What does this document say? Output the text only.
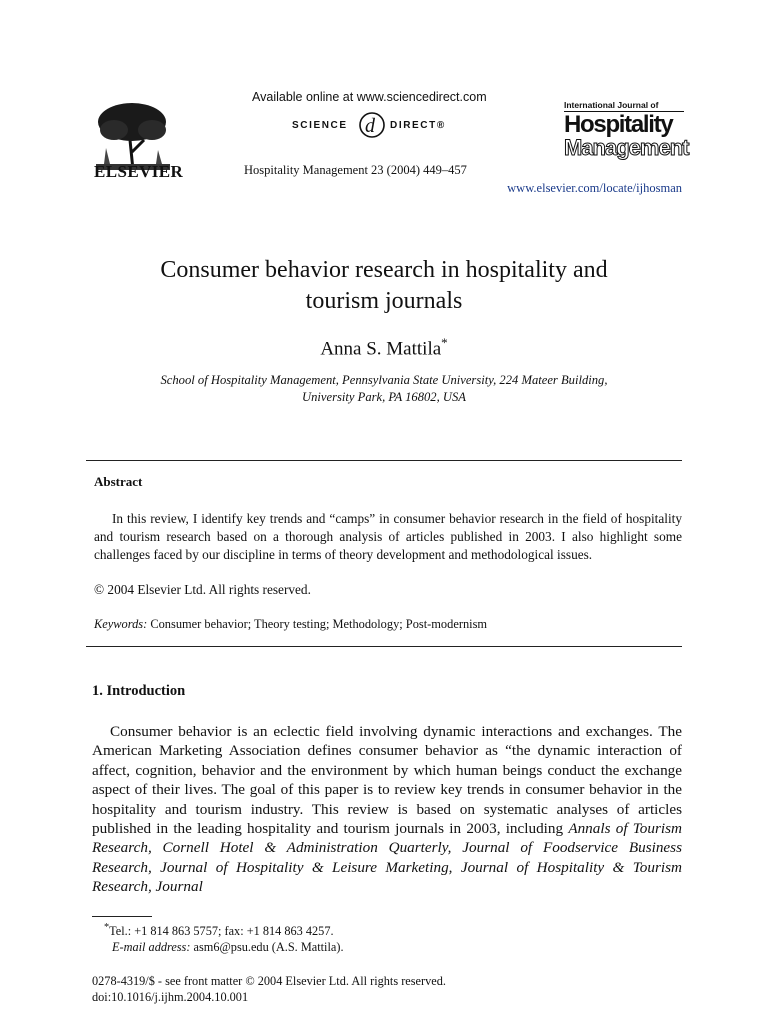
ELSEVIER
Available online at www.sciencedirect.com
SCIENCE d DIRECT®
Hospitality Management 23 (2004) 449–457
www.elsevier.com/locate/ijhosman
International Journal of
Hospitality
Management
Consumer behavior research in hospitality and
tourism journals
Anna S. Mattila*
School of Hospitality Management, Pennsylvania State University, 224 Mateer Building,
University Park, PA 16802, USA
Abstract

In this review, I identify key trends and “camps” in consumer behavior research in the field of hospitality and tourism research based on a thorough analysis of articles published in 2003. I also highlight some challenges faced by our discipline in terms of theory development and methodological issues.

© 2004 Elsevier Ltd. All rights reserved.
Keywords: Consumer behavior; Theory testing; Methodology; Post-modernism
1. Introduction

Consumer behavior is an eclectic field involving dynamic interactions and exchanges. The American Marketing Association defines consumer behavior as “the dynamic interaction of affect, cognition, behavior and the environment by which human beings conduct the exchange aspect of their lives. The goal of this paper is to review key trends in consumer behavior in the hospitality and tourism industry. This review is based on systematic analyses of articles published in the leading hospitality and tourism journals in 2003, including Annals of Tourism Research, Cornell Hotel & Administration Quarterly, Journal of Foodservice Business Research, Journal of Hospitality & Leisure Marketing, Journal of Hospitality & Tourism Research, Journal

*Tel.: +1 814 863 5757; fax: +1 814 863 4257.
E-mail address: asm6@psu.edu (A.S. Mattila).
0278-4319/$ - see front matter © 2004 Elsevier Ltd. All rights reserved.
doi:10.1016/j.ijhm.2004.10.001
